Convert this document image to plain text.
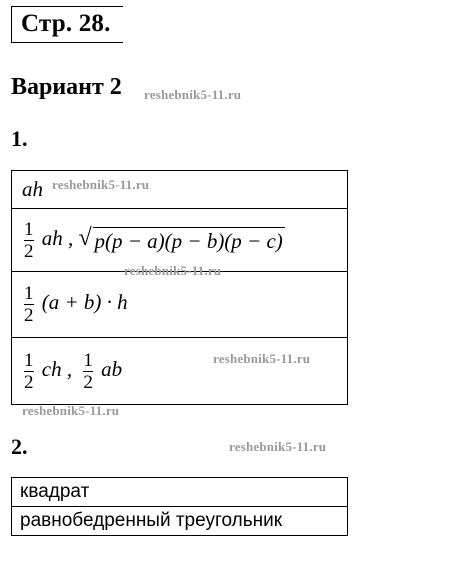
Стр. 28.
Вариант 2 reshebnik5-11.ru
1.
ah

$\frac{1}{2}$ ah , √ p(p − a)(p − b)(p − c)

$\frac{1}{2} (a + b) \cdot h$

$\frac{1}{2}$ ch , $\frac{1}{2}$ ab
reshebnik5-11.ru
reshebnik5-11.ru
reshebnik5-11.ru
reshebnik5-11.ru
2.	reshebnik5-11.ru
квадрат
равнобедренный треугольник
